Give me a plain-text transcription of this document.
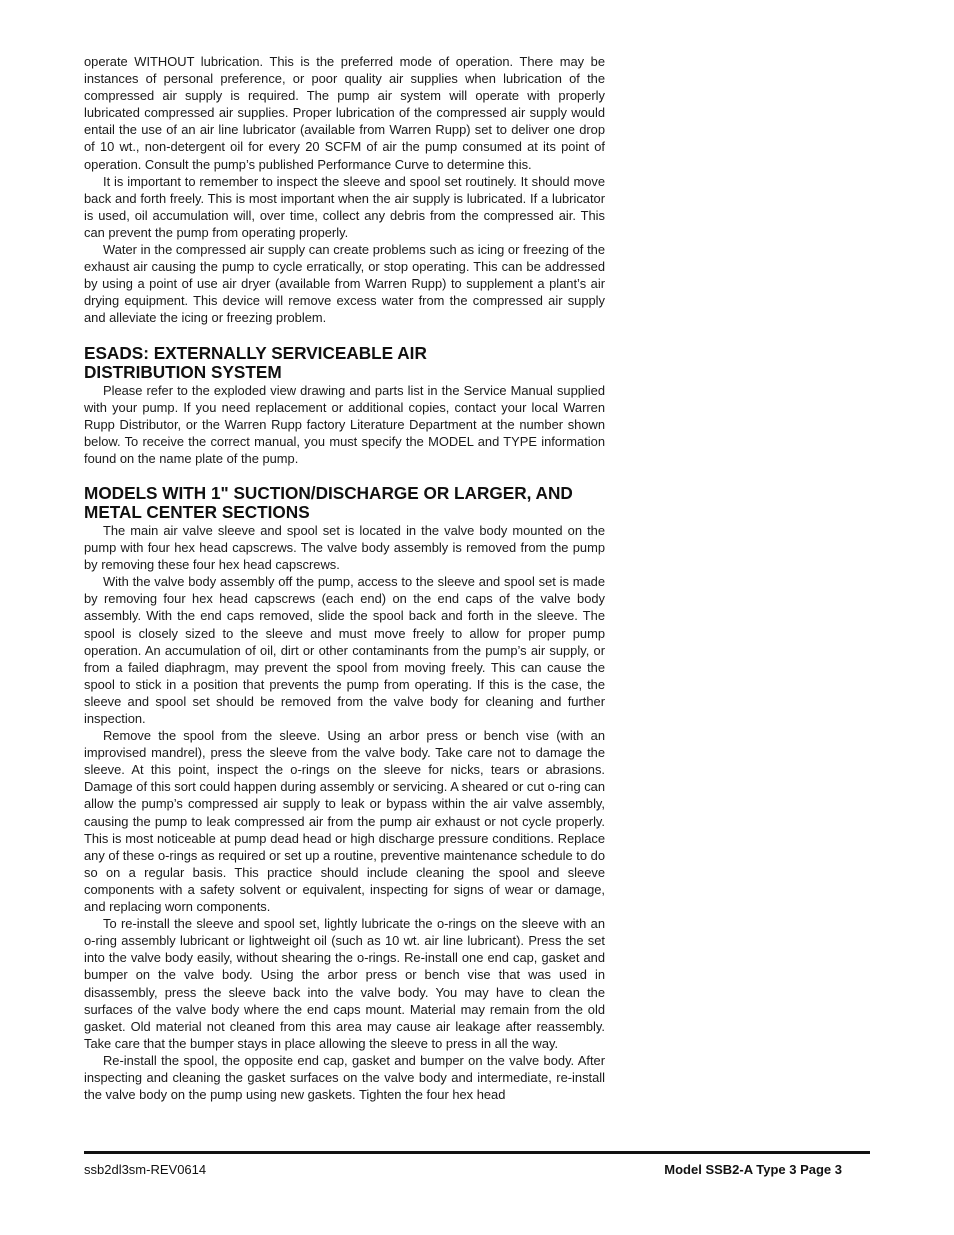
operate WITHOUT lubrication. This is the preferred mode of operation. There may be instances of personal preference, or poor quality air supplies when lubrication of the compressed air supply is required. The pump air system will operate with properly lubricated compressed air supplies. Proper lubrication of the compressed air supply would entail the use of an air line lubricator (available from Warren Rupp) set to deliver one drop of 10 wt., non-detergent oil for every 20 SCFM of air the pump consumed at its point of operation. Consult the pump’s published Performance Curve to determine this.

It is important to remember to inspect the sleeve and spool set routinely. It should move back and forth freely. This is most important when the air supply is lubricated. If a lubricator is used, oil accumulation will, over time, collect any debris from the compressed air. This can prevent the pump from operating properly.

Water in the compressed air supply can create problems such as icing or freezing of the exhaust air causing the pump to cycle erratically, or stop operating. This can be addressed by using a point of use air dryer (available from Warren Rupp) to supplement a plant’s air drying equipment. This device will remove excess water from the compressed air supply and alleviate the icing or freezing problem.

ESADS: EXTERNALLY SERVICEABLE AIR
DISTRIBUTION SYSTEM

Please refer to the exploded view drawing and parts list in the Service Manual supplied with your pump. If you need replacement or additional copies, contact your local Warren Rupp Distributor, or the Warren Rupp factory Literature Department at the number shown below. To receive the correct manual, you must specify the MODEL and TYPE information found on the name plate of the pump.

MODELS WITH 1" SUCTION/DISCHARGE OR LARGER, AND
METAL CENTER SECTIONS

The main air valve sleeve and spool set is located in the valve body mounted on the pump with four hex head capscrews. The valve body assembly is removed from the pump by removing these four hex head capscrews.

With the valve body assembly off the pump, access to the sleeve and spool set is made by removing four hex head capscrews (each end) on the end caps of the valve body assembly. With the end caps removed, slide the spool back and forth in the sleeve. The spool is closely sized to the sleeve and must move freely to allow for proper pump operation. An accumulation of oil, dirt or other contaminants from the pump’s air supply, or from a failed diaphragm, may prevent the spool from moving freely. This can cause the spool to stick in a position that prevents the pump from operating. If this is the case, the sleeve and spool set should be removed from the valve body for cleaning and further inspection.

Remove the spool from the sleeve. Using an arbor press or bench vise (with an improvised mandrel), press the sleeve from the valve body. Take care not to damage the sleeve. At this point, inspect the o-rings on the sleeve for nicks, tears or abrasions. Damage of this sort could happen during assembly or servicing. A sheared or cut o-ring can allow the pump’s compressed air supply to leak or bypass within the air valve assembly, causing the pump to leak compressed air from the pump air exhaust or not cycle properly. This is most noticeable at pump dead head or high discharge pressure conditions. Replace any of these o-rings as required or set up a routine, preventive maintenance schedule to do so on a regular basis. This practice should include cleaning the spool and sleeve components with a safety solvent or equivalent, inspecting for signs of wear or damage, and replacing worn components.

To re-install the sleeve and spool set, lightly lubricate the o-rings on the sleeve with an o-ring assembly lubricant or lightweight oil (such as 10 wt. air line lubricant). Press the set into the valve body easily, without shearing the o-rings. Re-install one end cap, gasket and bumper on the valve body. Using the arbor press or bench vise that was used in disassembly, press the sleeve back into the valve body. You may have to clean the surfaces of the valve body where the end caps mount. Material may remain from the old gasket. Old material not cleaned from this area may cause air leakage after reassembly. Take care that the bumper stays in place allowing the sleeve to press in all the way.

Re-install the spool, the opposite end cap, gasket and bumper on the valve body. After inspecting and cleaning the gasket surfaces on the valve body and intermediate, re-install the valve body on the pump using new gaskets. Tighten the four hex head

ssb2dl3sm-REV0614	Model SSB2-A Type 3 Page 3
